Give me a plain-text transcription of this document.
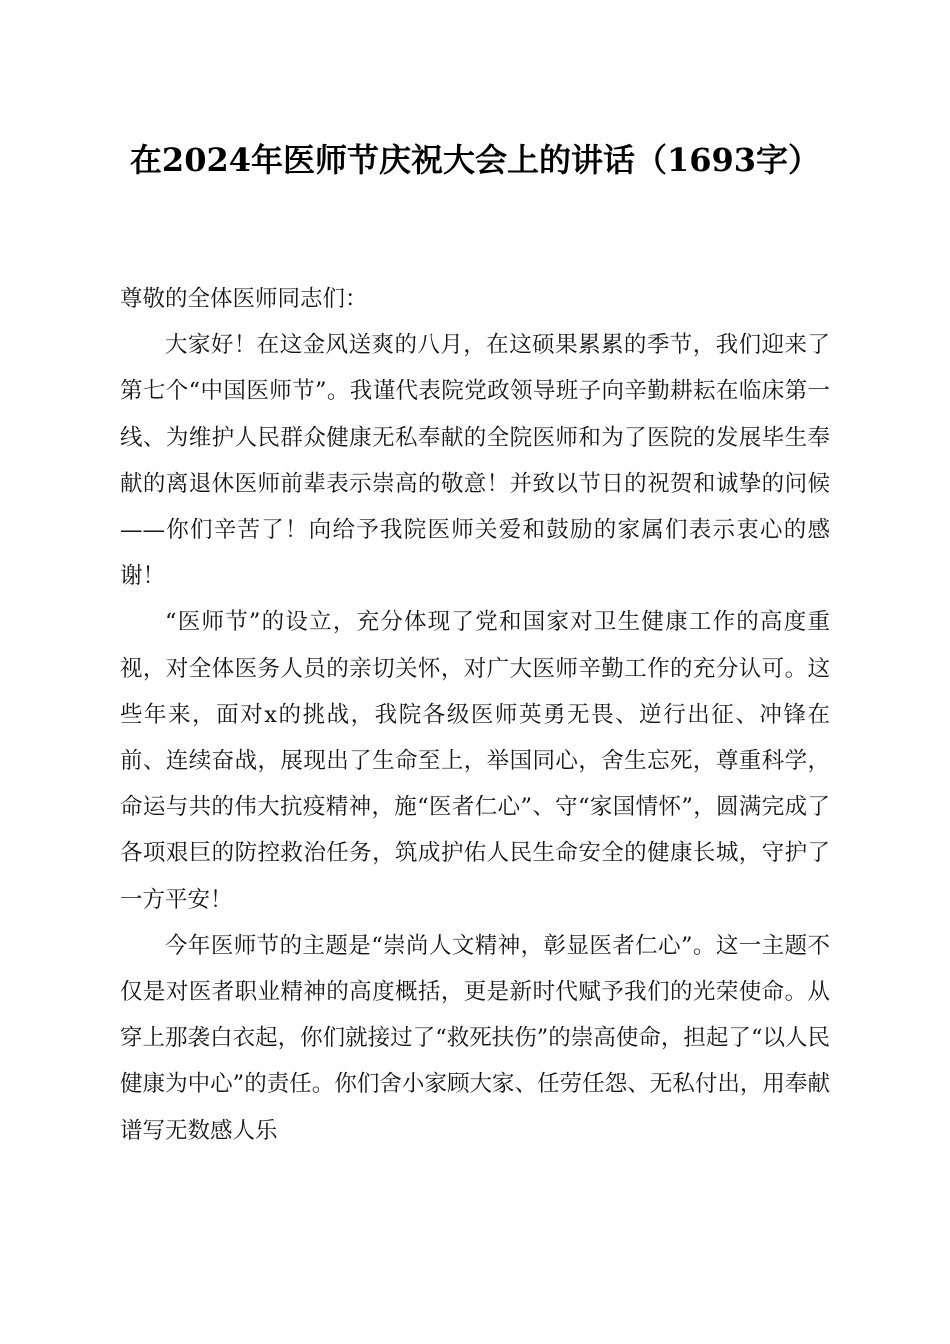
在2024年医师节庆祝大会上的讲话（1693字）

尊敬的全体医师同志们：

大家好！在这金风送爽的八月，在这硕果累累的季节，我们迎来了第七个“中国医师节”。我谨代表院党政领导班子向辛勤耕耘在临床第一线、为维护人民群众健康无私奉献的全院医师和为了医院的发展毕生奉献的离退休医师前辈表示崇高的敬意！并致以节日的祝贺和诚挚的问候——你们辛苦了！向给予我院医师关爱和鼓励的家属们表示衷心的感谢！

“医师节”的设立，充分体现了党和国家对卫生健康工作的高度重视，对全体医务人员的亲切关怀，对广大医师辛勤工作的充分认可。这些年来，面对x的挑战，我院各级医师英勇无畏、逆行出征、冲锋在前、连续奋战，展现出了生命至上，举国同心，舍生忘死，尊重科学，命运与共的伟大抗疫精神，施“医者仁心”、守“家国情怀”，圆满完成了各项艰巨的防控救治任务，筑成护佑人民生命安全的健康长城，守护了一方平安！

今年医师节的主题是“崇尚人文精神，彰显医者仁心”。这一主题不仅是对医者职业精神的高度概括，更是新时代赋予我们的光荣使命。从穿上那袭白衣起，你们就接过了“救死扶伤”的崇高使命，担起了“以人民健康为中心”的责任。你们舍小家顾大家、任劳任怨、无私付出，用奉献谱写无数感人乐
